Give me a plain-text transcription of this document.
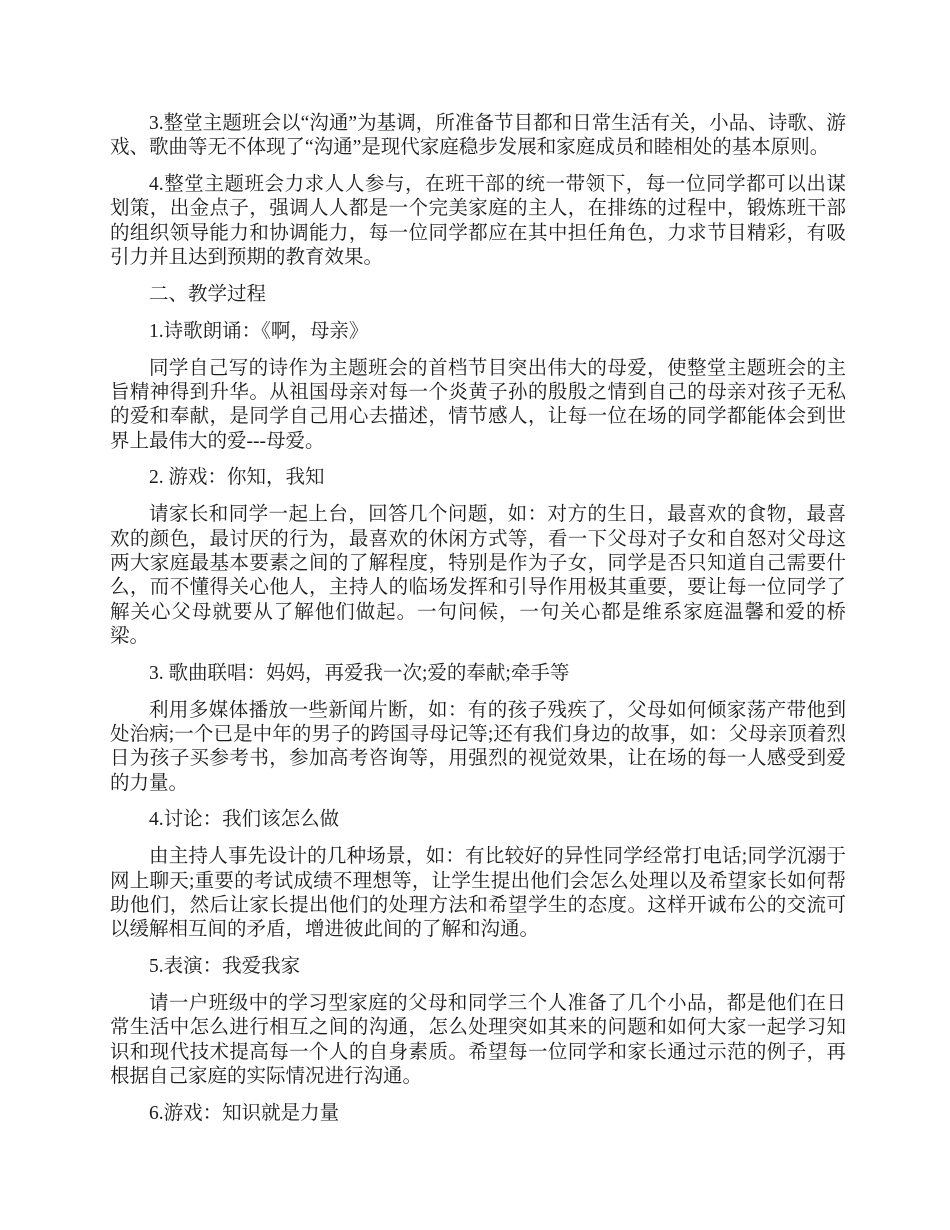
3.整堂主题班会以“沟通”为基调，所准备节目都和日常生活有关，小品、诗歌、游戏、歌曲等无不体现了“沟通”是现代家庭稳步发展和家庭成员和睦相处的基本原则。

4.整堂主题班会力求人人参与，在班干部的统一带领下，每一位同学都可以出谋划策，出金点子，强调人人都是一个完美家庭的主人，在排练的过程中，锻炼班干部的组织领导能力和协调能力，每一位同学都应在其中担任角色，力求节目精彩，有吸引力并且达到预期的教育效果。

二、教学过程

1.诗歌朗诵：《啊，母亲》

同学自己写的诗作为主题班会的首档节目突出伟大的母爱，使整堂主题班会的主旨精神得到升华。从祖国母亲对每一个炎黄子孙的殷殷之情到自己的母亲对孩子无私的爱和奉献，是同学自己用心去描述，情节感人，让每一位在场的同学都能体会到世界上最伟大的爱---母爱。

2. 游戏：你知，我知

请家长和同学一起上台，回答几个问题，如：对方的生日，最喜欢的食物，最喜欢的颜色，最讨厌的行为，最喜欢的休闲方式等，看一下父母对子女和自怒对父母这两大家庭最基本要素之间的了解程度，特别是作为子女，同学是否只知道自己需要什么，而不懂得关心他人，主持人的临场发挥和引导作用极其重要，要让每一位同学了解关心父母就要从了解他们做起。一句问候，一句关心都是维系家庭温馨和爱的桥梁。

3. 歌曲联唱：妈妈，再爱我一次;爱的奉献;牵手等

利用多媒体播放一些新闻片断，如：有的孩子残疾了，父母如何倾家荡产带他到处治病;一个已是中年的男子的跨国寻母记等;还有我们身边的故事，如：父母亲顶着烈日为孩子买参考书，参加高考咨询等，用强烈的视觉效果，让在场的每一人感受到爱的力量。

4.讨论：我们该怎么做

由主持人事先设计的几种场景，如：有比较好的异性同学经常打电话;同学沉溺于网上聊天;重要的考试成绩不理想等，让学生提出他们会怎么处理以及希望家长如何帮助他们，然后让家长提出他们的处理方法和希望学生的态度。这样开诚布公的交流可以缓解相互间的矛盾，增进彼此间的了解和沟通。

5.表演：我爱我家

请一户班级中的学习型家庭的父母和同学三个人准备了几个小品，都是他们在日常生活中怎么进行相互之间的沟通，怎么处理突如其来的问题和如何大家一起学习知识和现代技术提高每一个人的自身素质。希望每一位同学和家长通过示范的例子，再根据自己家庭的实际情况进行沟通。

6.游戏：知识就是力量
